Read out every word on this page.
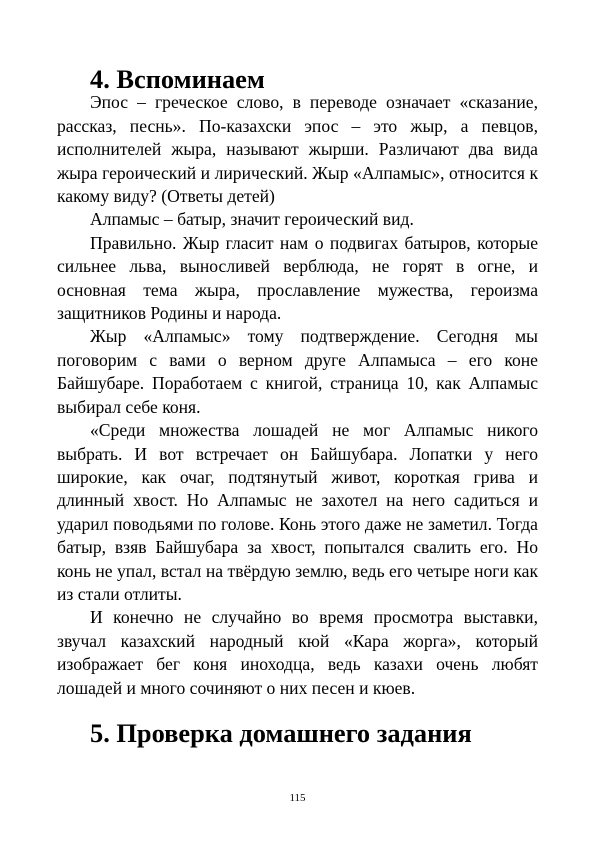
4. Вспоминаем

Эпос – греческое слово, в переводе означает «сказание, рассказ, песнь». По-казахски эпос – это жыр, а певцов, исполнителей жыра, называют жырши. Различают два вида жыра героический и лирический. Жыр «Алпамыс», относится к какому виду? (Ответы детей)

Алпамыс – батыр, значит героический вид.

Правильно. Жыр гласит нам о подвигах батыров, которые сильнее льва, выносливей верблюда, не горят в огне, и основная тема жыра, прославление мужества, героизма защитников Родины и народа.

Жыр «Алпамыс» тому подтверждение. Сегодня мы поговорим с вами о верном друге Алпамыса – его коне Байшубаре. Поработаем с книгой, страница 10, как Алпамыс выбирал себе коня.

«Среди множества лошадей не мог Алпамыс никого выбрать. И вот встречает он Байшубара. Лопатки у него широкие, как очаг, подтянутый живот, короткая грива и длинный хвост. Но Алпамыс не захотел на него садиться и ударил поводьями по голове. Конь этого даже не заметил. Тогда батыр, взяв Байшубара за хвост, попытался свалить его. Но конь не упал, встал на твёрдую землю, ведь его четыре ноги как из стали отлиты.

И конечно не случайно во время просмотра выставки, звучал казахский народный кюй «Кара жорга», который изображает бег коня иноходца, ведь казахи очень любят лошадей и много сочиняют о них песен и кюев.

5. Проверка домашнего задания
115
